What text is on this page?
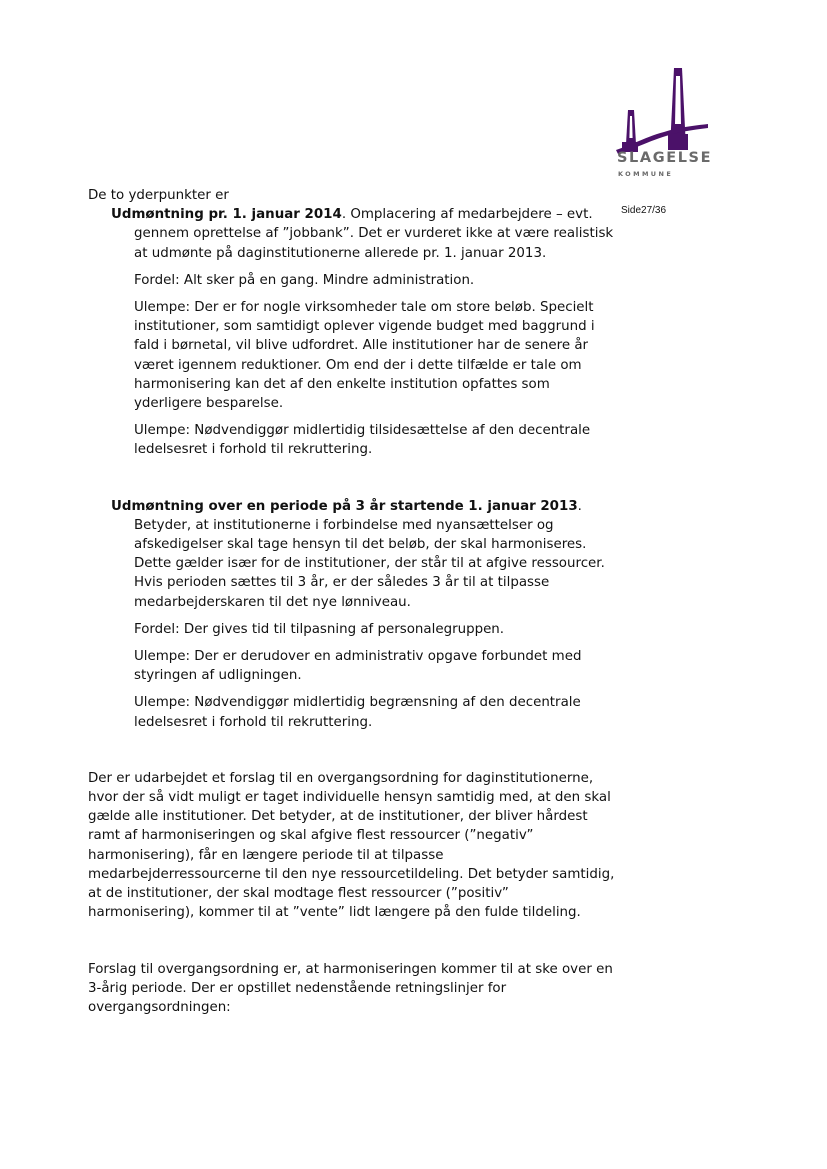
SLAGELSE
KOMMUNE
Side27/36

De to yderpunkter er

Udmøntning pr. 1. januar 2014. Omplacering af medarbejdere – evt. gennem oprettelse af ”jobbank”. Det er vurderet ikke at være realistisk at udmønte på daginstitutionerne allerede pr. 1. januar 2013.

Fordel: Alt sker på en gang. Mindre administration.

Ulempe: Der er for nogle virksomheder tale om store beløb. Specielt institutioner, som samtidigt oplever vigende budget med baggrund i fald i børnetal, vil blive udfordret. Alle institutioner har de senere år været igennem reduktioner. Om end der i dette tilfælde er tale om harmonisering kan det af den enkelte institution opfattes som yderligere besparelse.

Ulempe: Nødvendiggør midlertidig tilsidesættelse af den decentrale ledelsesret i forhold til rekruttering.

Udmøntning over en periode på 3 år startende 1. januar 2013. Betyder, at institutionerne i forbindelse med nyansættelser og afskedigelser skal tage hensyn til det beløb, der skal harmoniseres. Dette gælder især for de institutioner, der står til at afgive ressourcer. Hvis perioden sættes til 3 år, er der således 3 år til at tilpasse medarbejderskaren til det nye lønniveau.

Fordel: Der gives tid til tilpasning af personalegruppen.

Ulempe: Der er derudover en administrativ opgave forbundet med styringen af udligningen.

Ulempe: Nødvendiggør midlertidig begrænsning af den decentrale ledelsesret i forhold til rekruttering.

Der er udarbejdet et forslag til en overgangsordning for daginstitutionerne, hvor der så vidt muligt er taget individuelle hensyn samtidig med, at den skal gælde alle institutioner. Det betyder, at de institutioner, der bliver hårdest ramt af harmoniseringen og skal afgive flest ressourcer (”negativ” harmonisering), får en længere periode til at tilpasse medarbejderressourcerne til den nye ressourcetildeling. Det betyder samtidig, at de institutioner, der skal modtage flest ressourcer (”positiv” harmonisering), kommer til at ”vente” lidt længere på den fulde tildeling.

Forslag til overgangsordning er, at harmoniseringen kommer til at ske over en 3-årig periode. Der er opstillet nedenstående retningslinjer for overgangsordningen:
